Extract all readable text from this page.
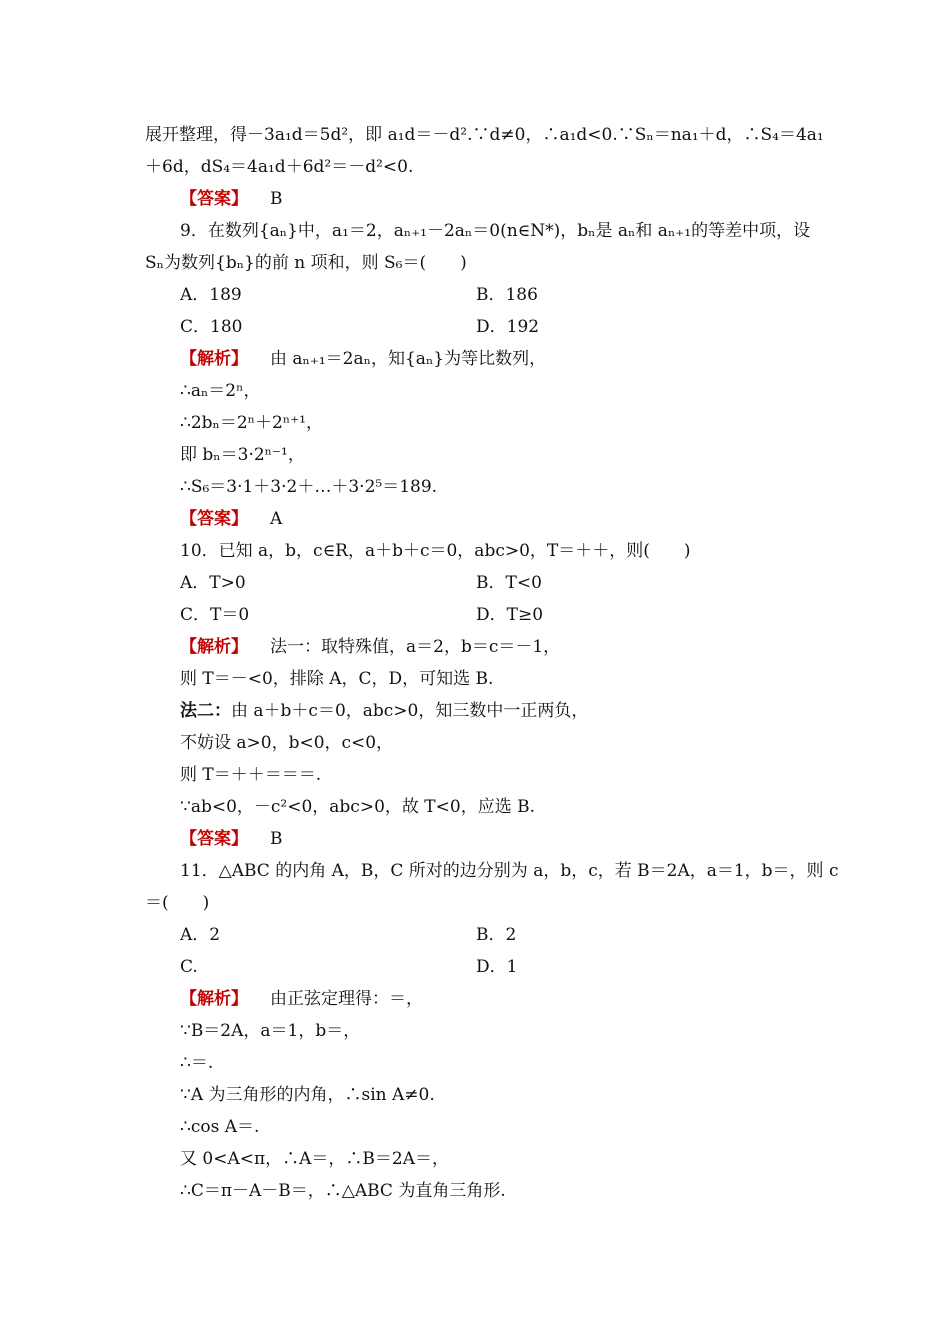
展开整理，得－3a₁d＝5d²，即 a₁d＝－d².∵d≠0，∴a₁d<0.∵Sₙ＝na₁＋d，∴S₄＝4a₁
＋6d，dS₄＝4a₁d＋6d²＝－d²<0.
【答案】 B
9．在数列{aₙ}中，a₁＝2，aₙ₊₁－2aₙ＝0(n∈N*)，bₙ是 aₙ和 aₙ₊₁的等差中项，设
Sₙ为数列{bₙ}的前 n 项和，则 S₆＝(　　)
A．189	B．186
C．180	D．192
【解析】 由 aₙ₊₁＝2aₙ，知{aₙ}为等比数列，
∴aₙ＝2ⁿ，
∴2bₙ＝2ⁿ＋2ⁿ⁺¹，
即 bₙ＝3·2ⁿ⁻¹，
∴S₆＝3·1＋3·2＋…＋3·2⁵＝189.
【答案】 A
10．已知 a，b，c∈R，a＋b＋c＝0，abc>0，T＝＋＋，则(　　)
A．T>0	B．T<0
C．T＝0	D．T≥0
【解析】 法一：取特殊值，a＝2，b＝c＝－1，
则 T＝－<0，排除 A，C，D，可知选 B.
法二：由 a＋b＋c＝0，abc>0，知三数中一正两负，
不妨设 a>0，b<0，c<0，
则 T＝＋＋＝＝＝.
∵ab<0，－c²<0，abc>0，故 T<0，应选 B.
【答案】 B
11．△ABC 的内角 A，B，C 所对的边分别为 a，b，c，若 B＝2A，a＝1，b＝，则 c
＝(　　)
A．2	B．2
C.	D．1
【解析】 由正弦定理得：＝，
∵B＝2A，a＝1，b＝，
∴＝.
∵A 为三角形的内角，∴sin A≠0.
∴cos A＝.
又 0<A<π，∴A＝，∴B＝2A＝，
∴C＝π－A－B＝，∴△ABC 为直角三角形.
